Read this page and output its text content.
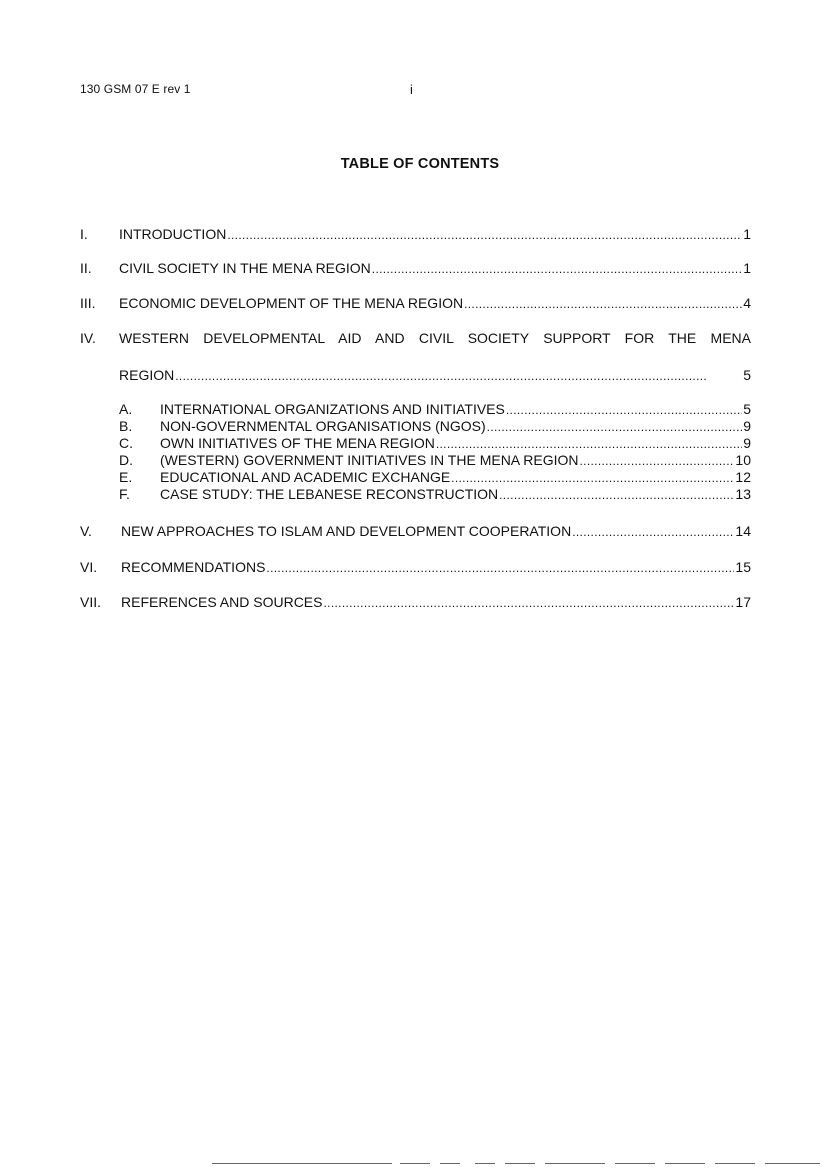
130 GSM 07 E rev 1	i
TABLE OF CONTENTS
I. INTRODUCTION . . .	1
II. CIVIL SOCIETY IN THE MENA REGION . . .	1
III. ECONOMIC DEVELOPMENT OF THE MENA REGION . . .	4
IV. WESTERN DEVELOPMENTAL AID AND CIVIL SOCIETY SUPPORT FOR THE MENA
REGION . . .	5
A. INTERNATIONAL ORGANIZATIONS AND INITIATIVES . . .	5
B. NON-GOVERNMENTAL ORGANISATIONS (NGOS) . . .	9
C. OWN INITIATIVES OF THE MENA REGION . . .	9
D. (WESTERN) GOVERNMENT INITIATIVES IN THE MENA REGION . . .	10
E. EDUCATIONAL AND ACADEMIC EXCHANGE . . .	12
F. CASE STUDY: THE LEBANESE RECONSTRUCTION . . .	13
V. NEW APPROACHES TO ISLAM AND DEVELOPMENT COOPERATION . . .	14
VI. RECOMMENDATIONS . . .	15
VII. REFERENCES AND SOURCES . . .	17
